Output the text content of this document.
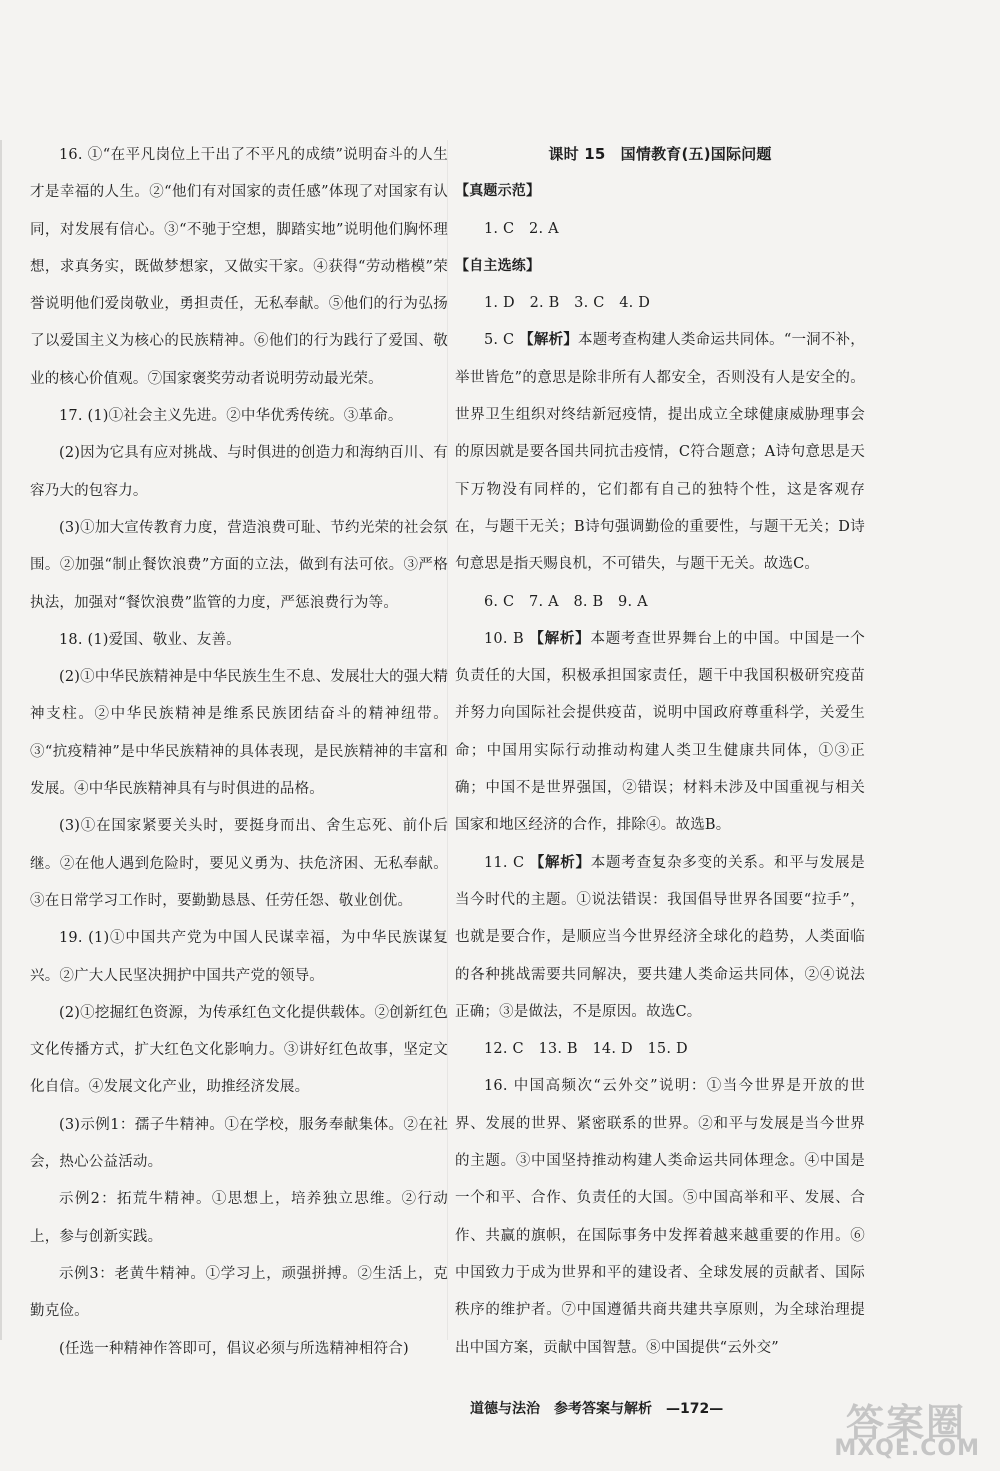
16. ①“在平凡岗位上干出了不平凡的成绩”说明奋斗的人生才是幸福的人生。②“他们有对国家的责任感”体现了对国家有认同，对发展有信心。③“不驰于空想，脚踏实地”说明他们胸怀理想，求真务实，既做梦想家，又做实干家。④获得“劳动楷模”荣誉说明他们爱岗敬业，勇担责任，无私奉献。⑤他们的行为弘扬了以爱国主义为核心的民族精神。⑥他们的行为践行了爱国、敬业的核心价值观。⑦国家褒奖劳动者说明劳动最光荣。

17. (1)①社会主义先进。②中华优秀传统。③革命。

(2)因为它具有应对挑战、与时俱进的创造力和海纳百川、有容乃大的包容力。

(3)①加大宣传教育力度，营造浪费可耻、节约光荣的社会氛围。②加强“制止餐饮浪费”方面的立法，做到有法可依。③严格执法，加强对“餐饮浪费”监管的力度，严惩浪费行为等。

18. (1)爱国、敬业、友善。

(2)①中华民族精神是中华民族生生不息、发展壮大的强大精神支柱。②中华民族精神是维系民族团结奋斗的精神纽带。③“抗疫精神”是中华民族精神的具体表现，是民族精神的丰富和发展。④中华民族精神具有与时俱进的品格。

(3)①在国家紧要关头时，要挺身而出、舍生忘死、前仆后继。②在他人遇到危险时，要见义勇为、扶危济困、无私奉献。③在日常学习工作时，要勤勤恳恳、任劳任怨、敬业创优。

19. (1)①中国共产党为中国人民谋幸福，为中华民族谋复兴。②广大人民坚决拥护中国共产党的领导。

(2)①挖掘红色资源，为传承红色文化提供载体。②创新红色文化传播方式，扩大红色文化影响力。③讲好红色故事，坚定文化自信。④发展文化产业，助推经济发展。

(3)示例1：孺子牛精神。①在学校，服务奉献集体。②在社会，热心公益活动。

示例2：拓荒牛精神。①思想上，培养独立思维。②行动上，参与创新实践。

示例3：老黄牛精神。①学习上，顽强拼搏。②生活上，克勤克俭。

(任选一种精神作答即可，倡议必须与所选精神相符合)

课时 15　国情教育(五)国际问题

【真题示范】

1. C　2. A

【自主选练】

1. D　2. B　3. C　4. D

5. C 【解析】本题考查构建人类命运共同体。“一洞不补，举世皆危”的意思是除非所有人都安全，否则没有人是安全的。世界卫生组织对终结新冠疫情，提出成立全球健康威胁理事会的原因就是要各国共同抗击疫情，C符合题意；A诗句意思是天下万物没有同样的，它们都有自己的独特个性，这是客观存在，与题干无关；B诗句强调勤俭的重要性，与题干无关；D诗句意思是指天赐良机，不可错失，与题干无关。故选C。

6. C　7. A　8. B　9. A

10. B 【解析】本题考查世界舞台上的中国。中国是一个负责任的大国，积极承担国家责任，题干中我国积极研究疫苗并努力向国际社会提供疫苗，说明中国政府尊重科学，关爱生命；中国用实际行动推动构建人类卫生健康共同体，①③正确；中国不是世界强国，②错误；材料未涉及中国重视与相关国家和地区经济的合作，排除④。故选B。

11. C 【解析】本题考查复杂多变的关系。和平与发展是当今时代的主题。①说法错误：我国倡导世界各国要“拉手”，也就是要合作，是顺应当今世界经济全球化的趋势，人类面临的各种挑战需要共同解决，要共建人类命运共同体，②④说法正确；③是做法，不是原因。故选C。

12. C　13. B　14. D　15. D

16. 中国高频次“云外交”说明：①当今世界是开放的世界、发展的世界、紧密联系的世界。②和平与发展是当今世界的主题。③中国坚持推动构建人类命运共同体理念。④中国是一个和平、合作、负责任的大国。⑤中国高举和平、发展、合作、共赢的旗帜，在国际事务中发挥着越来越重要的作用。⑥中国致力于成为世界和平的建设者、全球发展的贡献者、国际秩序的维护者。⑦中国遵循共商共建共享原则，为全球治理提出中国方案，贡献中国智慧。⑧中国提供“云外交”

道德与法治 参考答案与解析 —172—	答案圈
MXQE.COM
